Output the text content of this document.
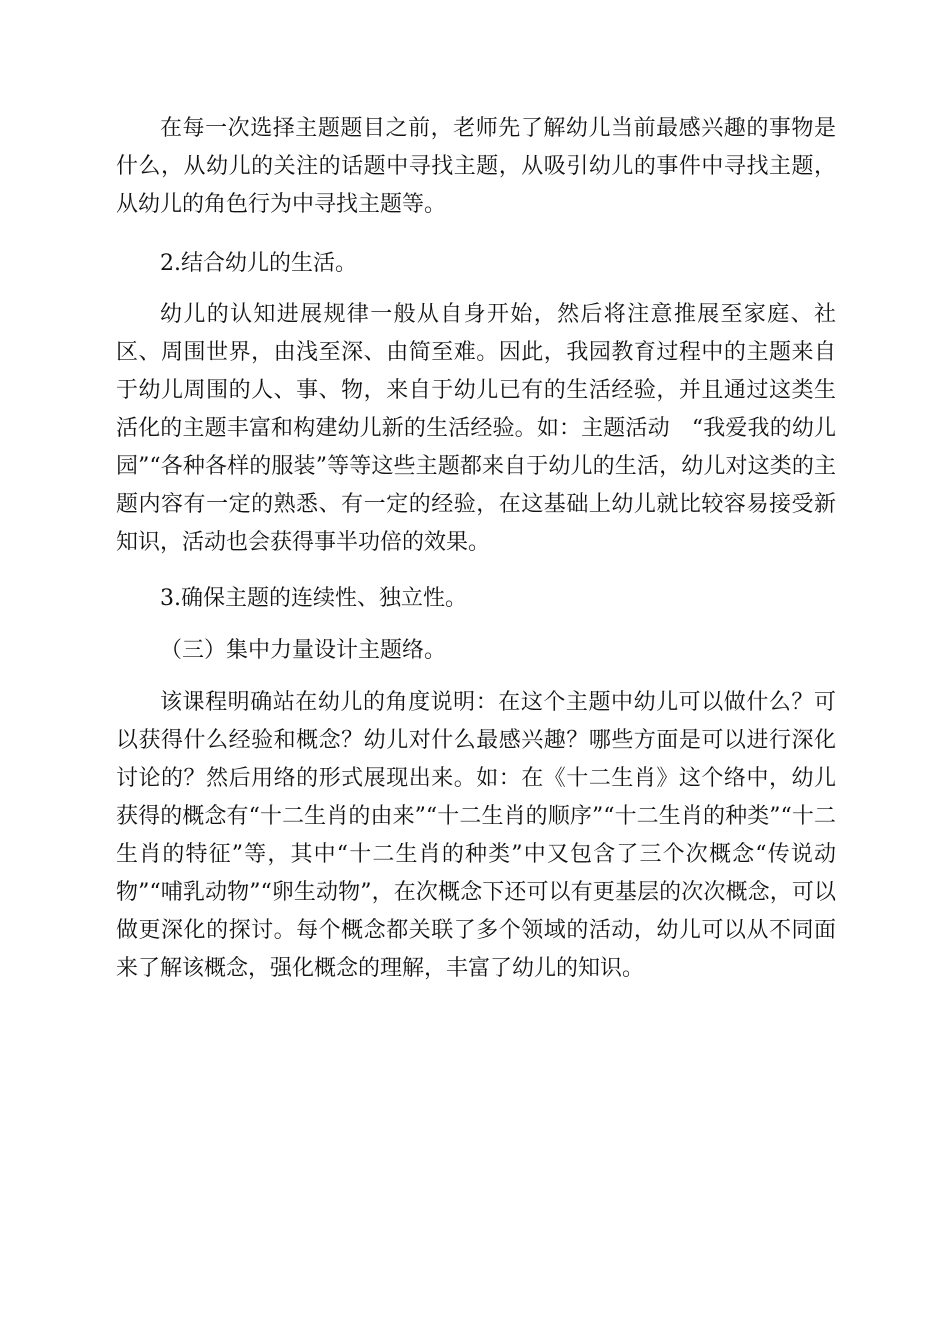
在每一次选择主题题目之前，老师先了解幼儿当前最感兴趣的事物是什么，从幼儿的关注的话题中寻找主题，从吸引幼儿的事件中寻找主题，从幼儿的角色行为中寻找主题等。

2.结合幼儿的生活。

幼儿的认知进展规律一般从自身开始，然后将注意推展至家庭、社区、周围世界，由浅至深、由简至难。因此，我园教育过程中的主题来自于幼儿周围的人、事、物，来自于幼儿已有的生活经验，并且通过这类生活化的主题丰富和构建幼儿新的生活经验。如：主题活动　“我爱我的幼儿园”“各种各样的服装”等等这些主题都来自于幼儿的生活，幼儿对这类的主题内容有一定的熟悉、有一定的经验，在这基础上幼儿就比较容易接受新知识，活动也会获得事半功倍的效果。

3.确保主题的连续性、独立性。

（三）集中力量设计主题络。

该课程明确站在幼儿的角度说明：在这个主题中幼儿可以做什么？可以获得什么经验和概念？幼儿对什么最感兴趣？哪些方面是可以进行深化讨论的？然后用络的形式展现出来。如：在《十二生肖》这个络中，幼儿获得的概念有“十二生肖的由来”“十二生肖的顺序”“十二生肖的种类”“十二生肖的特征”等，其中“十二生肖的种类”中又包含了三个次概念“传说动物”“哺乳动物”“卵生动物”，在次概念下还可以有更基层的次次概念，可以做更深化的探讨。每个概念都关联了多个领域的活动，幼儿可以从不同面来了解该概念，强化概念的理解，丰富了幼儿的知识。
